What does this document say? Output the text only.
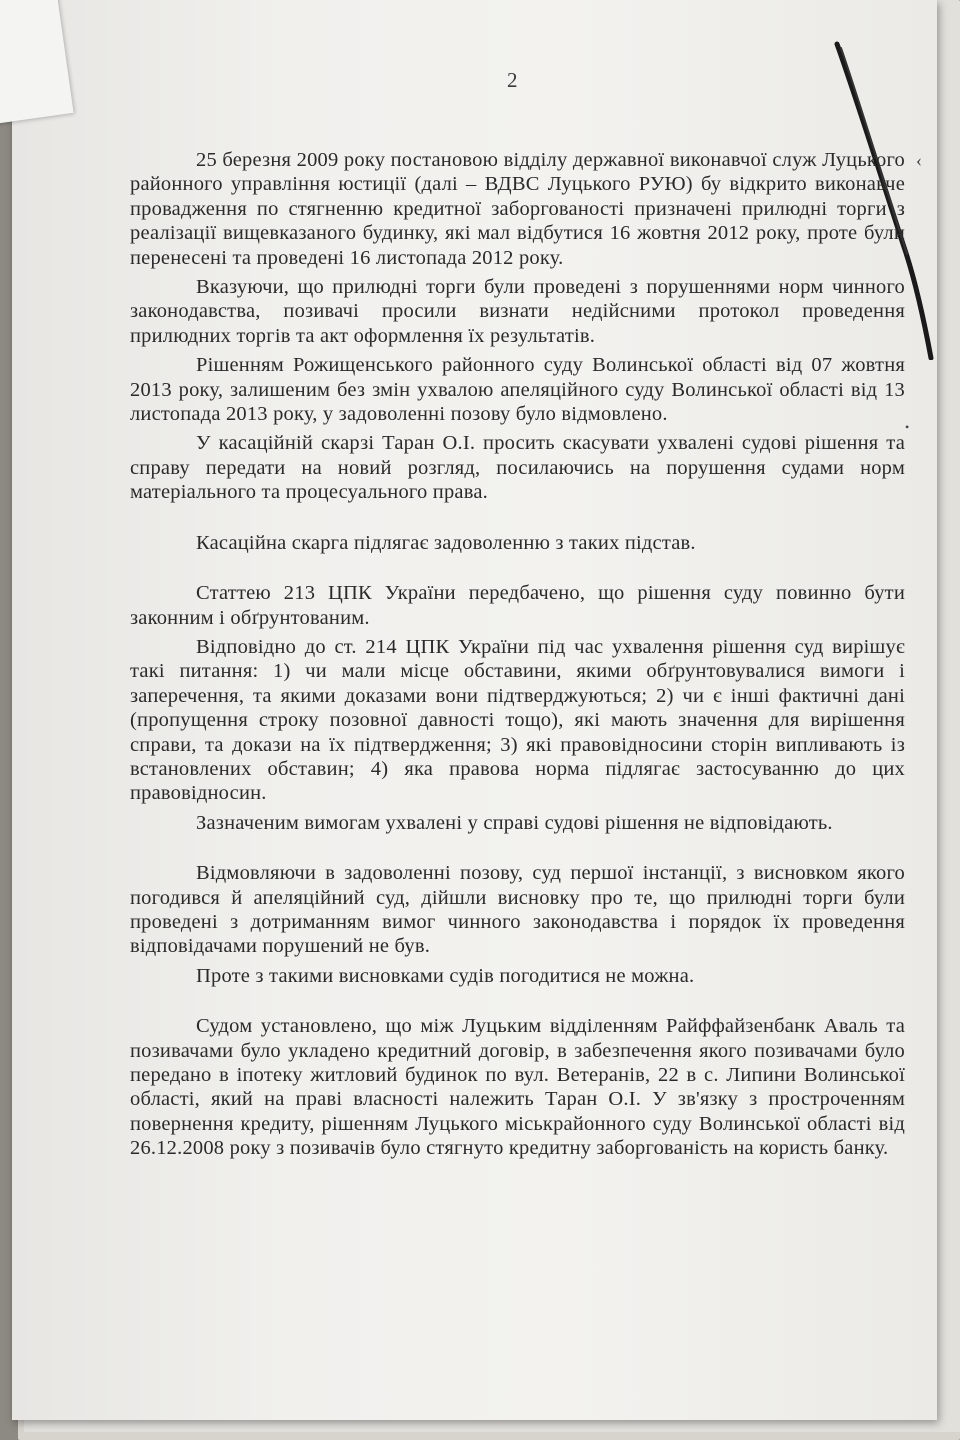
2
‹
•

25 березня 2009 року постановою відділу державної виконавчої служ Луцького районного управління юстиції (далі – ВДВС Луцького РУЮ) бу відкрито виконавче провадження по стягненню кредитної заборгованості призначені прилюдні торги з реалізації вищевказаного будинку, які мал відбутися 16 жовтня 2012 року, проте були перенесені та проведені 16 листопада 2012 року.

Вказуючи, що прилюдні торги були проведені з порушеннями норм чинного законодавства, позивачі просили визнати недійсними протокол проведення прилюдних торгів та акт оформлення їх результатів.

Рішенням Рожищенського районного суду Волинської області від 07 жовтня 2013 року, залишеним без змін ухвалою апеляційного суду Волинської області від 13 листопада 2013 року, у задоволенні позову було відмовлено.

У касаційній скарзі Таран О.І. просить скасувати ухвалені судові рішення та справу передати на новий розгляд, посилаючись на порушення судами норм матеріального та процесуального права.

Касаційна скарга підлягає задоволенню з таких підстав.

Статтею 213 ЦПК України передбачено, що рішення суду повинно бути законним і обґрунтованим.

Відповідно до ст. 214 ЦПК України під час ухвалення рішення суд вирішує такі питання: 1) чи мали місце обставини, якими обґрунтовувалися вимоги і заперечення, та якими доказами вони підтверджуються; 2) чи є інші фактичні дані (пропущення строку позовної давності тощо), які мають значення для вирішення справи, та докази на їх підтвердження; 3) які правовідносини сторін випливають із встановлених обставин; 4) яка правова норма підлягає застосуванню до цих правовідносин.

Зазначеним вимогам ухвалені у справі судові рішення не відповідають.

Відмовляючи в задоволенні позову, суд першої інстанції, з висновком якого погодився й апеляційний суд, дійшли висновку про те, що прилюдні торги були проведені з дотриманням вимог чинного законодавства і порядок їх проведення відповідачами порушений не був.

Проте з такими висновками судів погодитися не можна.

Судом установлено, що між Луцьким відділенням Райффайзенбанк Аваль та позивачами було укладено кредитний договір, в забезпечення якого позивачами було передано в іпотеку житловий будинок по вул. Ветеранів, 22 в с. Липини Волинської області, який на праві власності належить Таран О.І. У зв'язку з простроченням повернення кредиту, рішенням Луцького міськрайонного суду Волинської області від 26.12.2008 року з позивачів було стягнуто кредитну заборгованість на користь банку.
